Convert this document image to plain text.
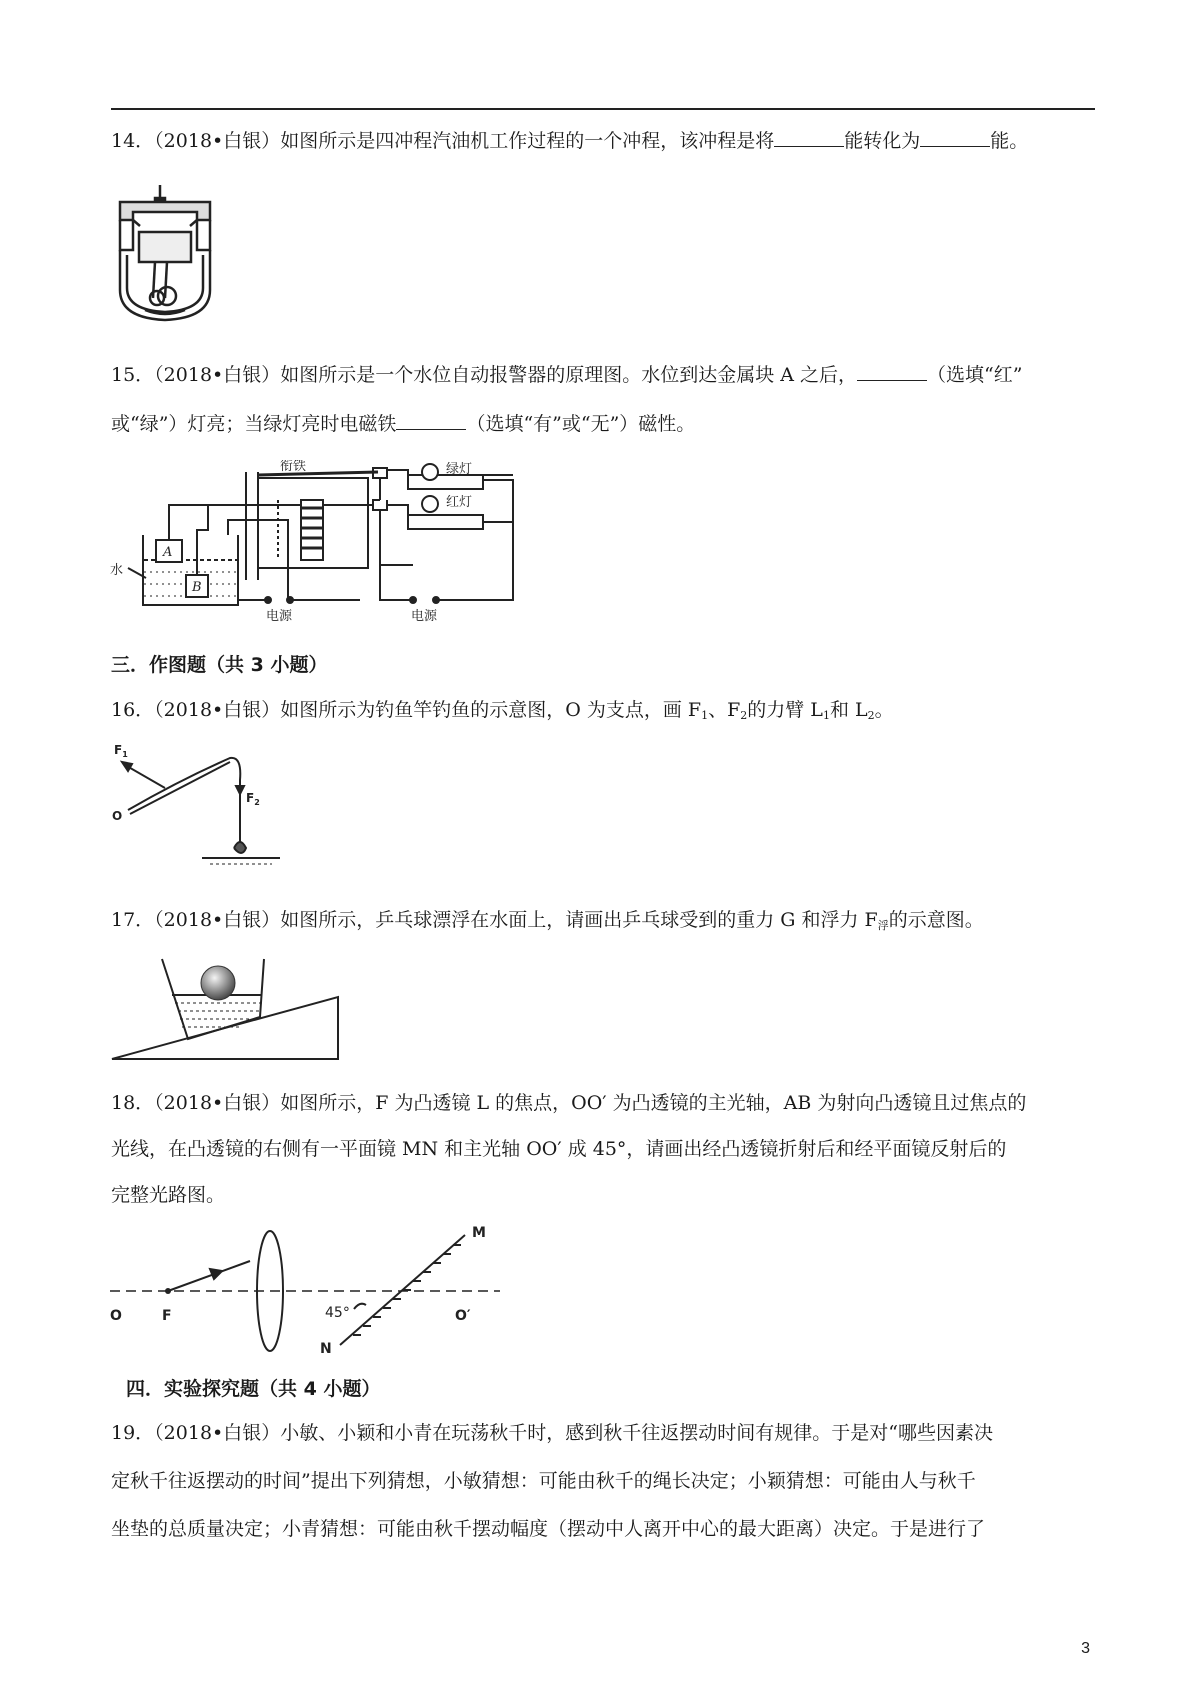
14．（2018•白银）如图所示是四冲程汽油机工作过程的一个冲程，该冲程是将	能转化为	能。
15．（2018•白银）如图所示是一个水位自动报警器的原理图。水位到达金属块 A 之后，	（选填“红”
或“绿”）灯亮；当绿灯亮时电磁铁	（选填“有”或“无”）磁性。
衔铁	绿灯
红灯
水
A
B
电源	电源
三．作图题（共 3 小题）
16．（2018•白银）如图所示为钓鱼竿钓鱼的示意图，O 为支点，画 $F_1$、$F_2$的力臂 $L_1$和 $L_2$。
$F_1$
$F_2$
O
17．（2018•白银）如图所示，乒乓球漂浮在水面上，请画出乒乓球受到的重力 G 和浮力 $F_浮$的示意图。
18．（2018•白银）如图所示，F 为凸透镜 L 的焦点，OO′ 为凸透镜的主光轴，AB 为射向凸透镜且过焦点的
光线，在凸透镜的右侧有一平面镜 MN 和主光轴 OO′ 成 45°，请画出经凸透镜折射后和经平面镜反射后的
完整光路图。
O	F	45°
M
N
O′
四．实验探究题（共 4 小题）
19．（2018•白银）小敏、小颖和小青在玩荡秋千时，感到秋千往返摆动时间有规律。于是对“哪些因素决
定秋千往返摆动的时间”提出下列猜想，小敏猜想：可能由秋千的绳长决定；小颖猜想：可能由人与秋千
坐垫的总质量决定；小青猜想：可能由秋千摆动幅度（摆动中人离开中心的最大距离）决定。于是进行了
3
